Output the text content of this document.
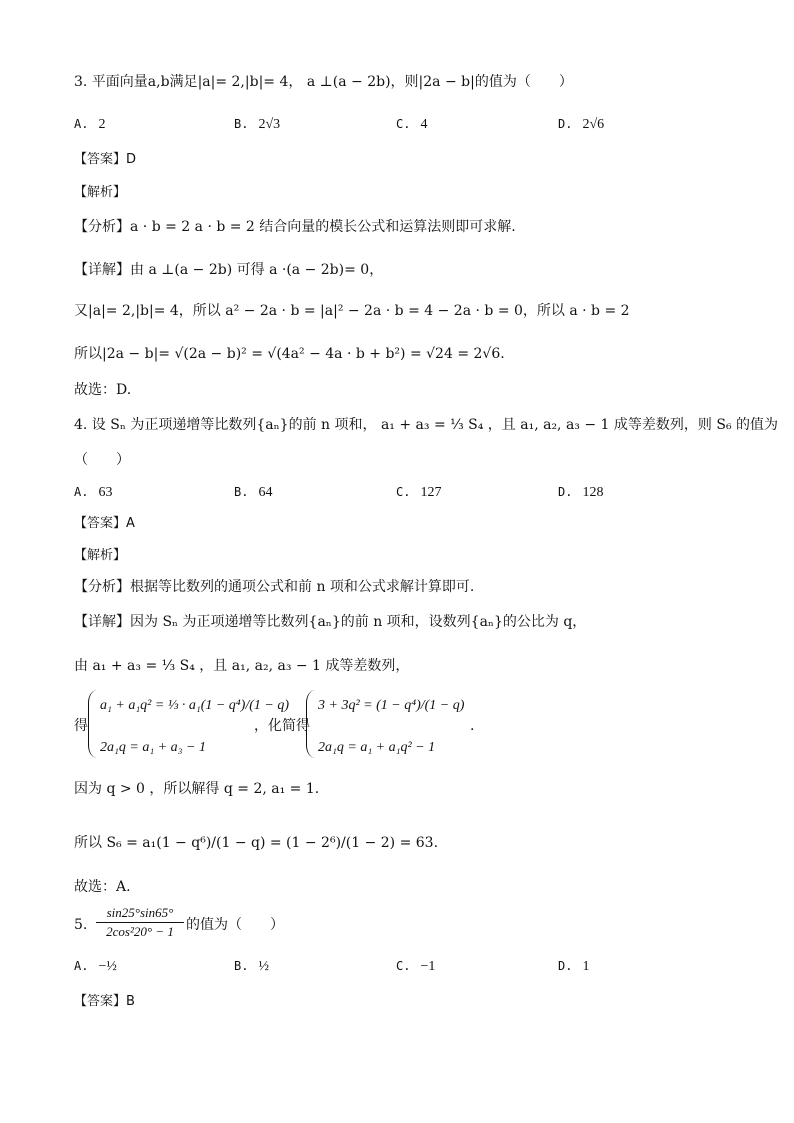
3. 平面向量a,b满足|a|= 2,|b|= 4， a ⊥(a − 2b)，则|2a − b|的值为（　　）
A. 2	B. 2√3	C. 4	D. 2√6
【答案】D
【解析】
【分析】a · b = 2 a · b = 2 结合向量的模长公式和运算法则即可求解.
【详解】由 a ⊥(a − 2b) 可得 a ·(a − 2b)= 0，
又|a|= 2,|b|= 4，所以 a² − 2a · b = |a|² − 2a · b = 4 − 2a · b = 0，所以 a · b = 2
所以|2a − b|= √(2a − b)² = √(4a² − 4a · b + b²) = √24 = 2√6.
故选：D.
4. 设 Sₙ 为正项递增等比数列{aₙ}的前 n 项和， a₁ + a₃ = ⅓ S₄ ，且 a₁, a₂, a₃ − 1 成等差数列，则 S₆ 的值为
（　　）
A. 63	B. 64	C. 127	D. 128
【答案】A
【解析】
【分析】根据等比数列的通项公式和前 n 项和公式求解计算即可.
【详解】因为 Sₙ 为正项递增等比数列{aₙ}的前 n 项和，设数列{aₙ}的公比为 q，
由 a₁ + a₃ = ⅓ S₄ ，且 a₁, a₂, a₃ − 1 成等差数列，
得
a₁ + a₁q² = ⅓ · a₁(1 − q⁴)/(1 − q)
2a₁q = a₁ + a₃ − 1
，化简得
3 + 3q² = (1 − q⁴)/(1 − q)
2a₁q = a₁ + a₁q² − 1
.
因为 q > 0 ，所以解得 q = 2, a₁ = 1.
所以 S₆ = a₁(1 − q⁶)/(1 − q) = (1 − 2⁶)/(1 − 2) = 63.
故选：A.
5. $\frac{\sin 25^\circ\sin 65^\circ}{\text{2cos²20° − 1}}$ 的值为（　　）
A. −½	B. ½	C. −1	D. 1
【答案】B
